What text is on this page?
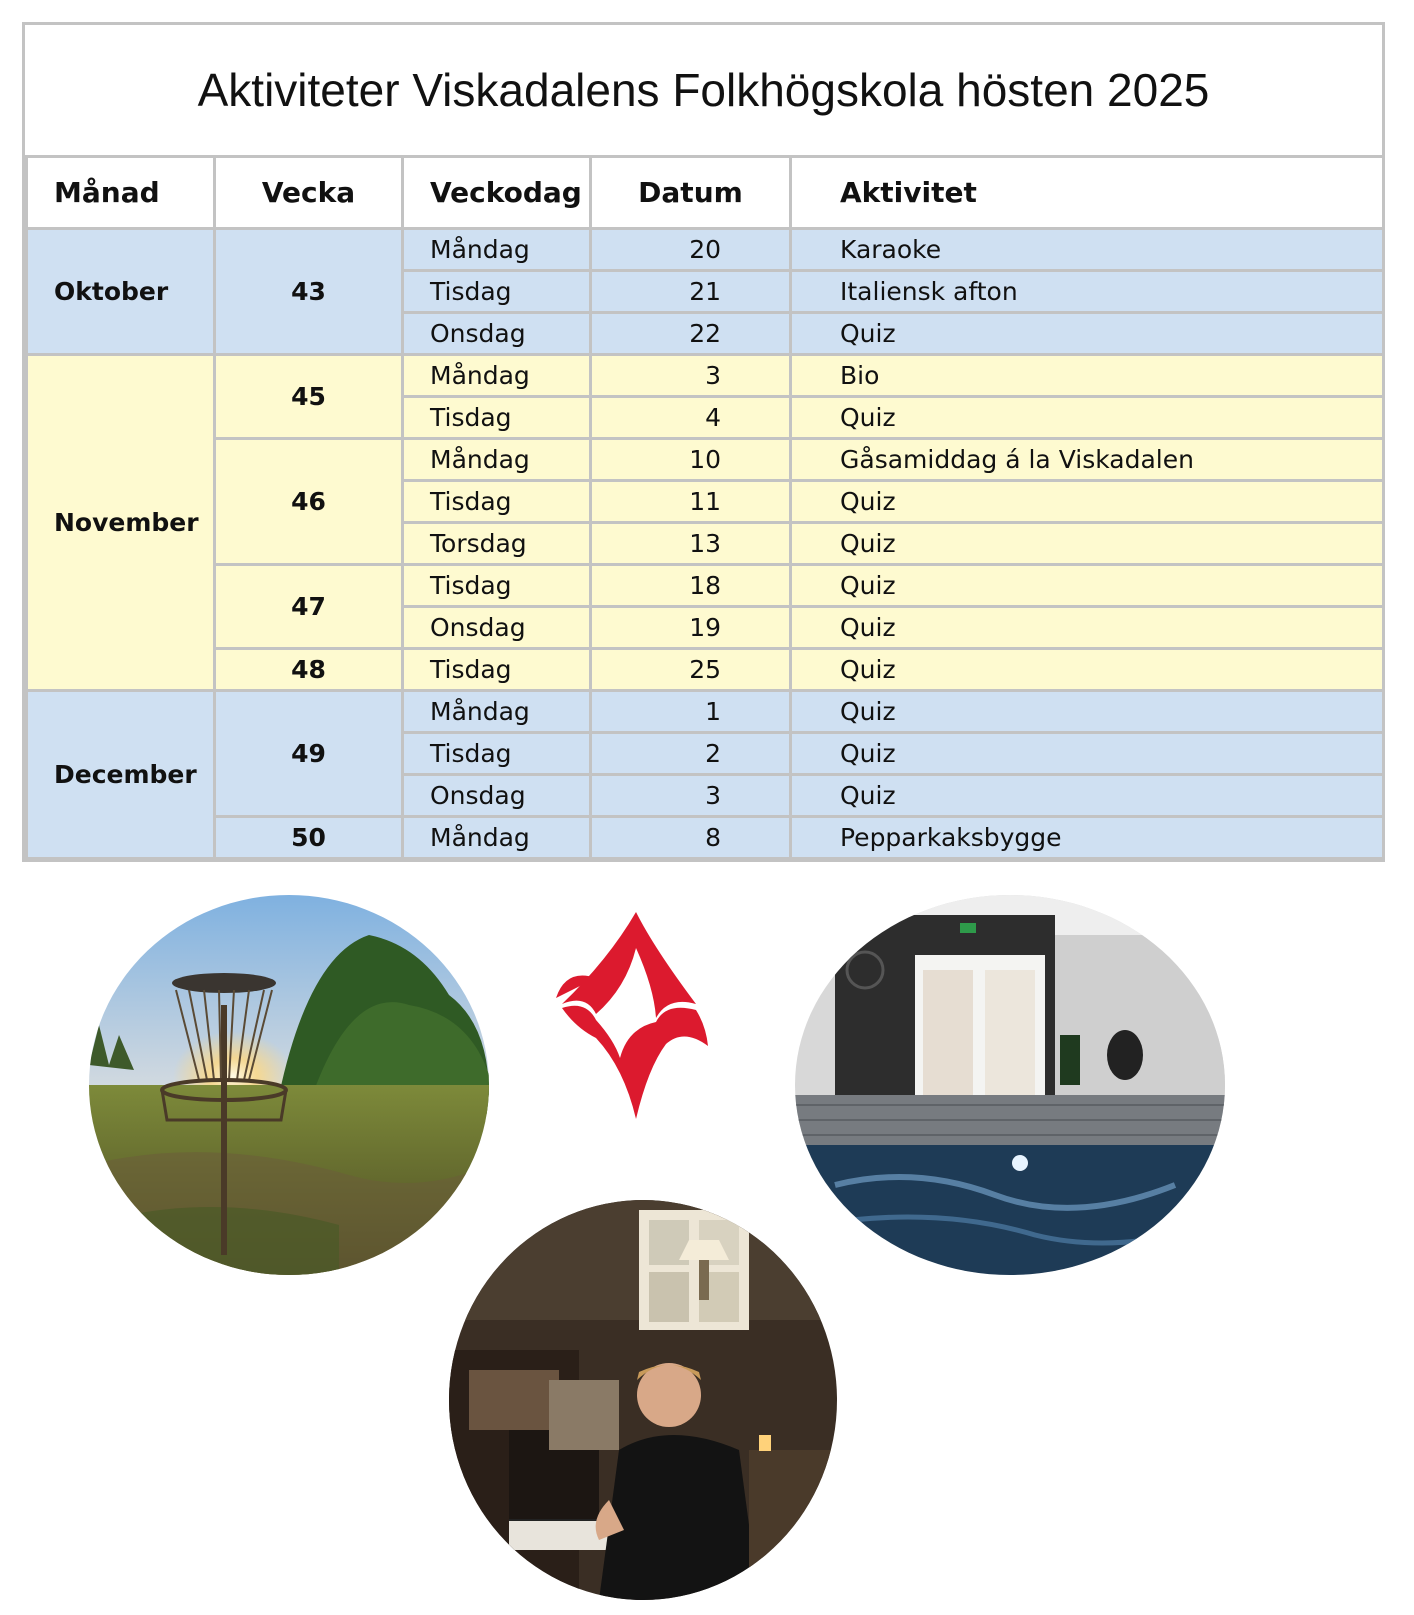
Aktiviteter Viskadalens Folkhögskola hösten 2025
Månad	Vecka	Veckodag	Datum	Aktivitet
Oktober	43	Måndag	20	Karaoke
		Tisdag	21	Italiensk afton
		Onsdag	22	Quiz
November	45	Måndag	3	Bio
		Tisdag	4	Quiz
	46	Måndag	10	Gåsamiddag á la Viskadalen
		Tisdag	11	Quiz
		Torsdag	13	Quiz
	47	Tisdag	18	Quiz
		Onsdag	19	Quiz
	48	Tisdag	25	Quiz
December	49	Måndag	1	Quiz
		Tisdag	2	Quiz
		Onsdag	3	Quiz
	50	Måndag	8	Pepparkaksbygge
